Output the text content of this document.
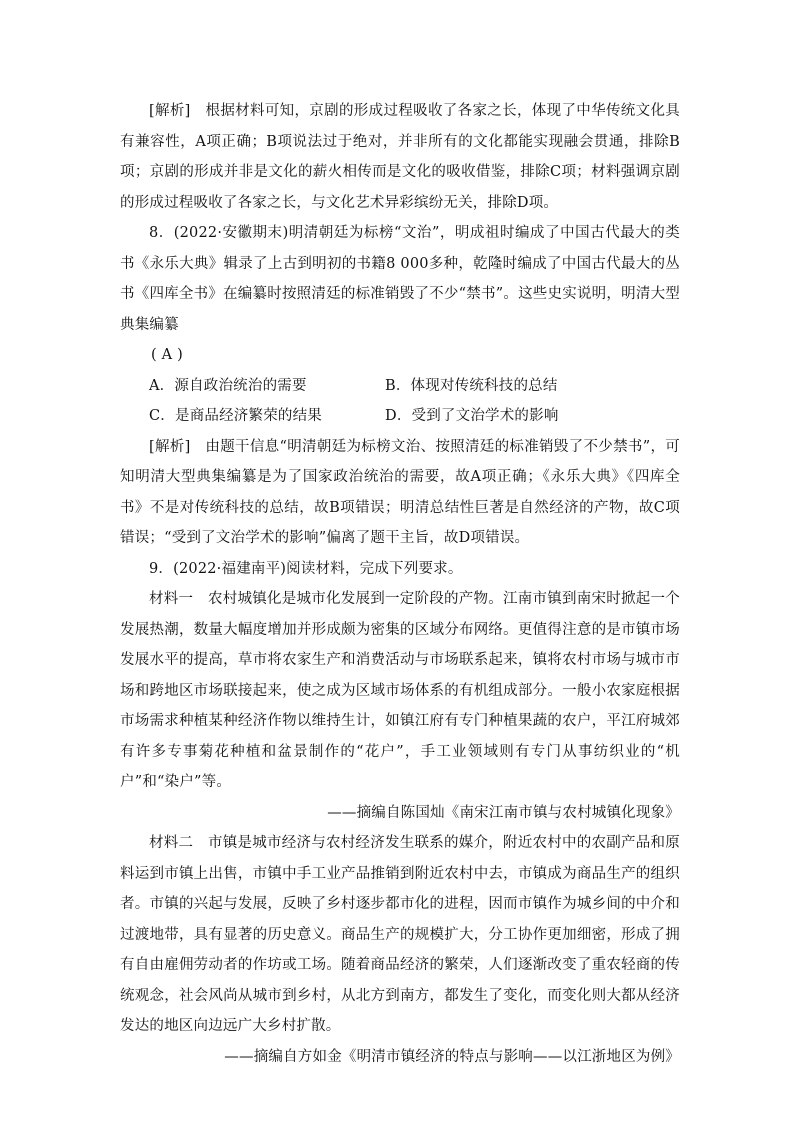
[解析]　 根据材料可知，京剧的形成过程吸收了各家之长，体现了中华传统文化具有兼容性，A项正确；B项说法过于绝对，并非所有的文化都能实现融会贯通，排除B项；京剧的形成并非是文化的薪火相传而是文化的吸收借鉴，排除C项；材料强调京剧的形成过程吸收了各家之长，与文化艺术异彩缤纷无关，排除D项。

8．(2022·安徽期末)明清朝廷为标榜“文治”，明成祖时编成了中国古代最大的类书《永乐大典》辑录了上古到明初的书籍8 000多种，乾隆时编成了中国古代最大的丛书《四库全书》在编纂时按照清廷的标准销毁了不少“禁书”。这些史实说明，明清大型典集编纂
( A )

A．源自政治统治的需要	B．体现对传统科技的总结
C．是商品经济繁荣的结果	D．受到了文治学术的影响

[解析]　 由题干信息“明清朝廷为标榜文治、按照清廷的标准销毁了不少禁书”，可知明清大型典集编纂是为了国家政治统治的需要，故A项正确；《永乐大典》《四库全书》不是对传统科技的总结，故B项错误；明清总结性巨著是自然经济的产物，故C项错误；“受到了文治学术的影响”偏离了题干主旨，故D项错误。

9．(2022·福建南平)阅读材料，完成下列要求。

材料一　农村城镇化是城市化发展到一定阶段的产物。江南市镇到南宋时掀起一个发展热潮，数量大幅度增加并形成颇为密集的区域分布网络。更值得注意的是市镇市场发展水平的提高，草市将农家生产和消费活动与市场联系起来，镇将农村市场与城市市场和跨地区市场联接起来，使之成为区域市场体系的有机组成部分。一般小农家庭根据市场需求种植某种经济作物以维持生计，如镇江府有专门种植果蔬的农户，平江府城郊有许多专事菊花种植和盆景制作的“花户”，手工业领域则有专门从事纺织业的“机户”和“染户”等。

——摘编自陈国灿《南宋江南市镇与农村城镇化现象》

材料二　市镇是城市经济与农村经济发生联系的媒介，附近农村中的农副产品和原料运到市镇上出售，市镇中手工业产品推销到附近农村中去，市镇成为商品生产的组织者。市镇的兴起与发展，反映了乡村逐步都市化的进程，因而市镇作为城乡间的中介和过渡地带，具有显著的历史意义。商品生产的规模扩大，分工协作更加细密，形成了拥有自由雇佣劳动者的作坊或工场。随着商品经济的繁荣，人们逐渐改变了重农轻商的传统观念，社会风尚从城市到乡村，从北方到南方，都发生了变化，而变化则大都从经济发达的地区向边远广大乡村扩散。

——摘编自方如金《明清市镇经济的特点与影响——以江浙地区为例》
